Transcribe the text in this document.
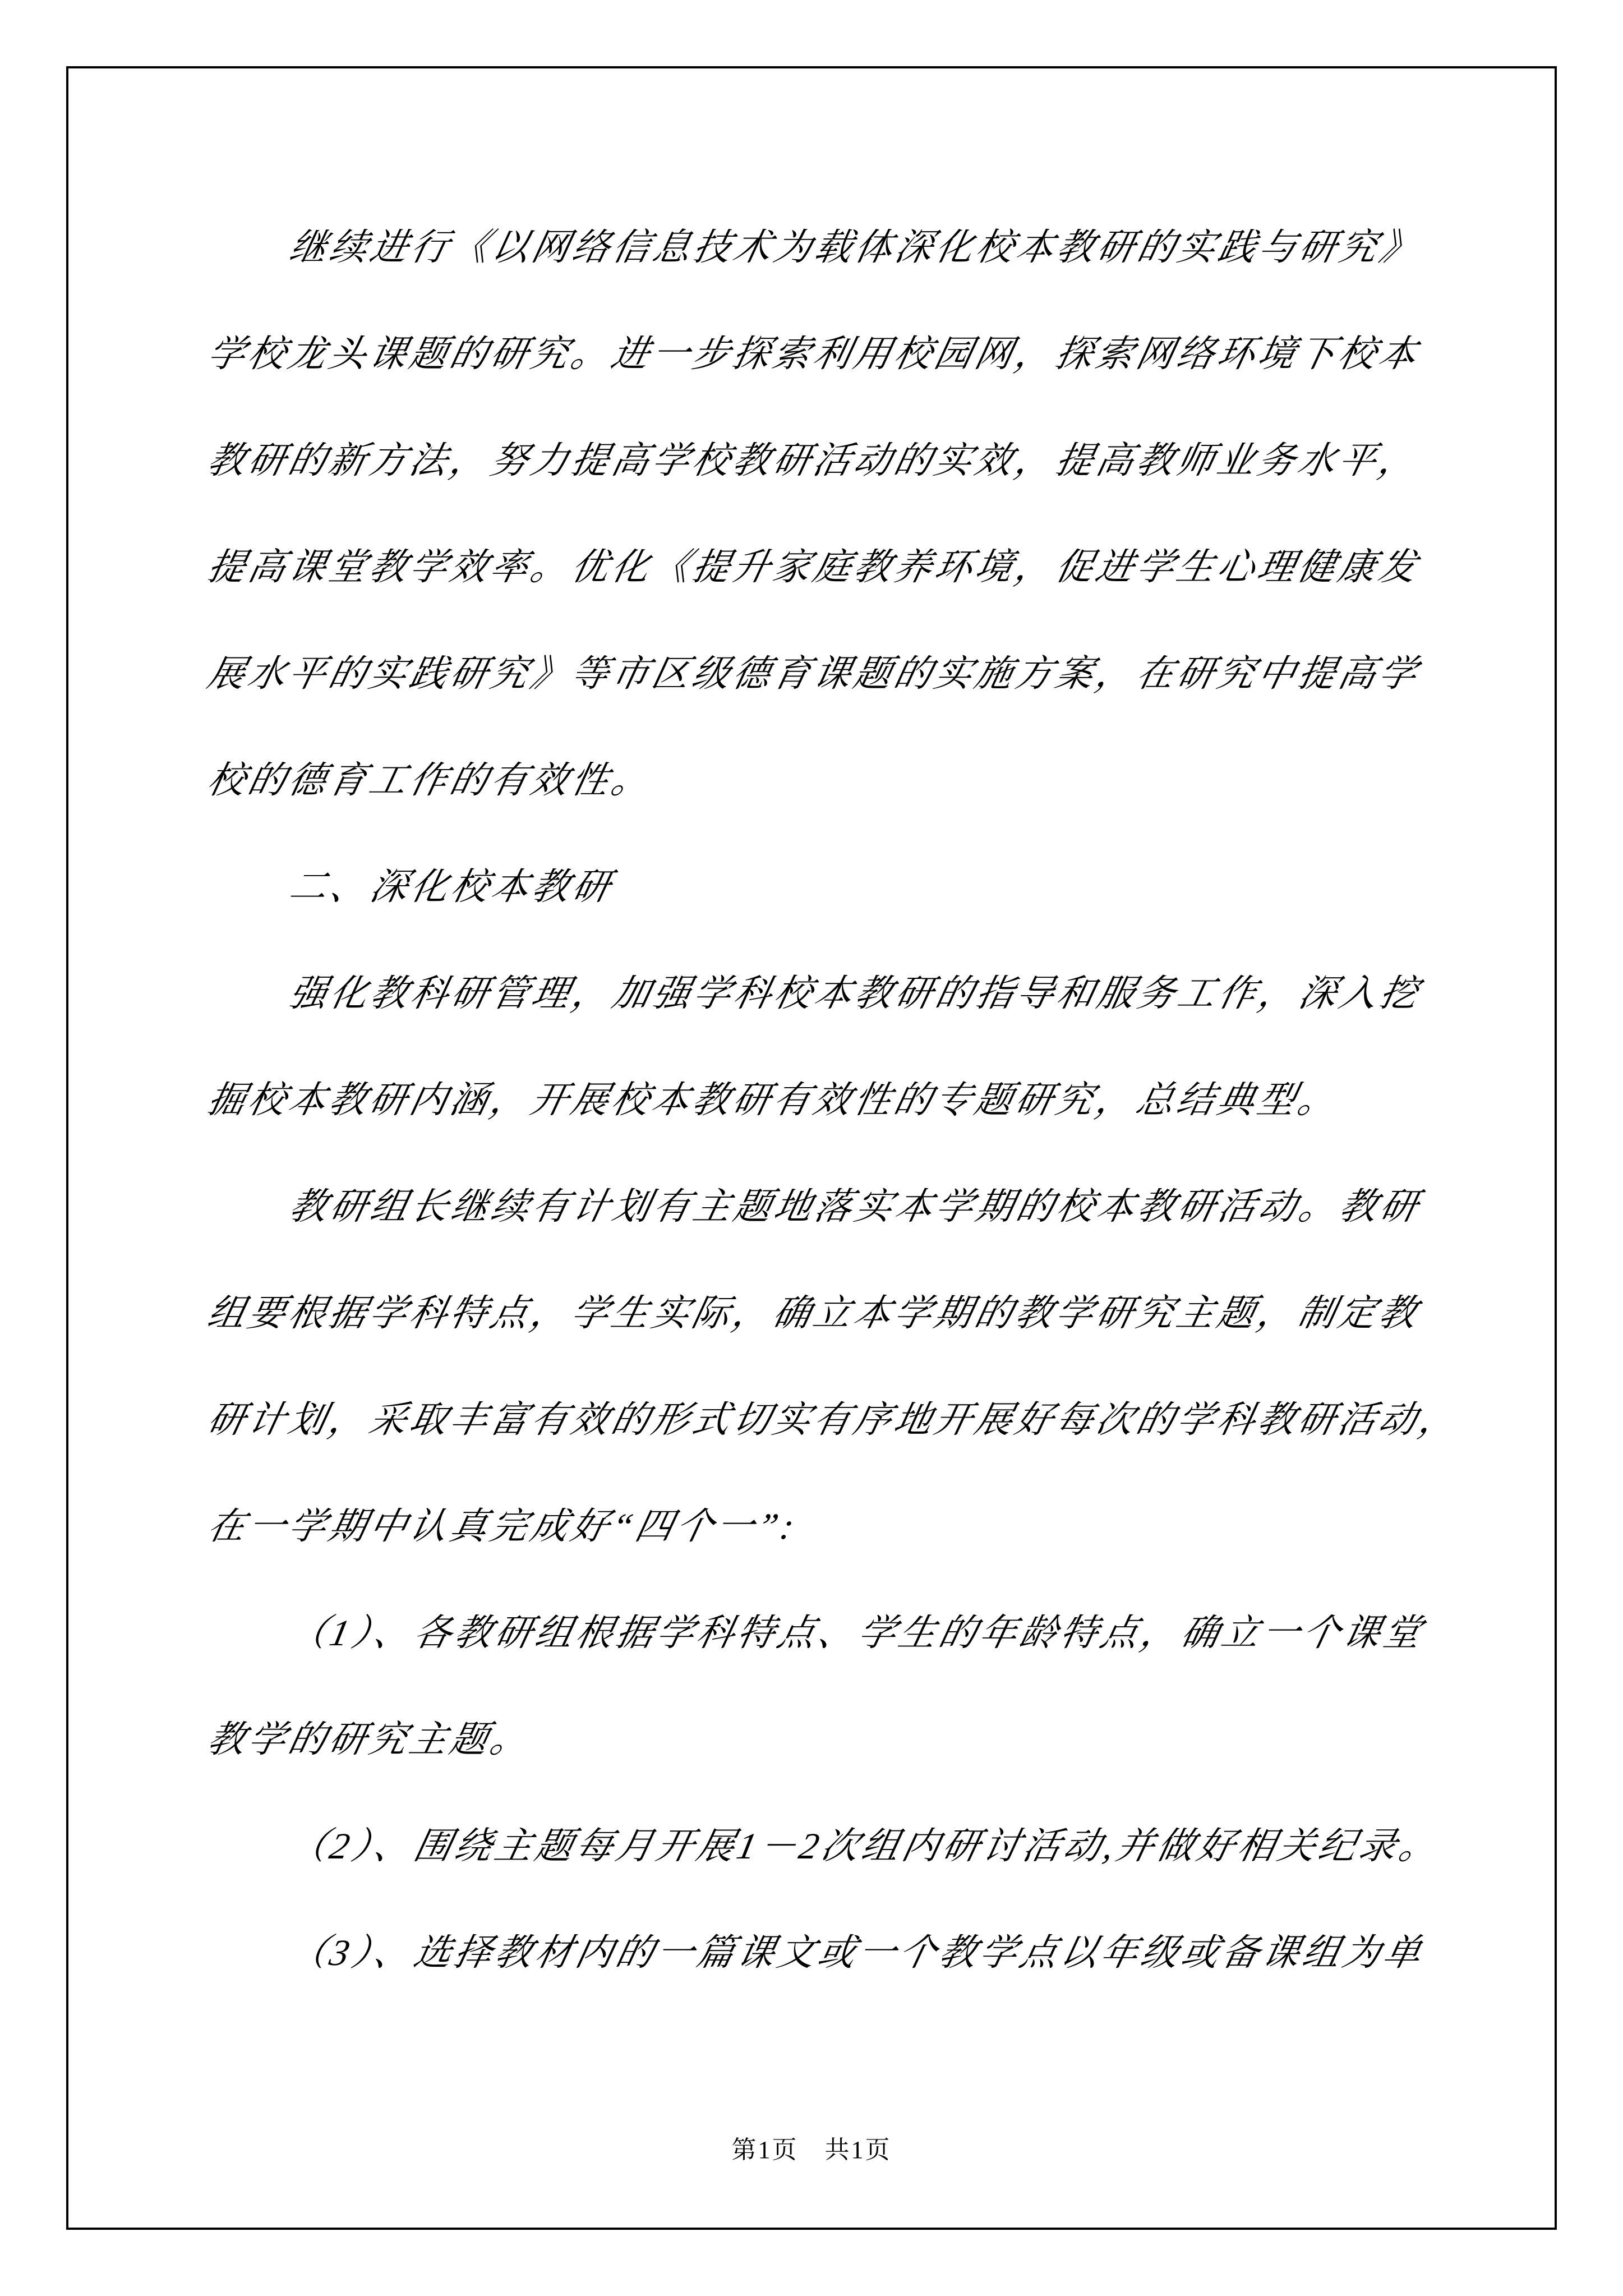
继续进行《以网络信息技术为载体深化校本教研的实践与研究》
学校龙头课题的研究。进一步探索利用校园网，探索网络环境下校本
教研的新方法，努力提高学校教研活动的实效，提高教师业务水平，
提高课堂教学效率。优化《提升家庭教养环境，促进学生心理健康发
展水平的实践研究》等市区级德育课题的实施方案，在研究中提高学
校的德育工作的有效性。
二、深化校本教研
强化教科研管理，加强学科校本教研的指导和服务工作，深入挖
掘校本教研内涵，开展校本教研有效性的专题研究，总结典型。
教研组长继续有计划有主题地落实本学期的校本教研活动。教研
组要根据学科特点，学生实际，确立本学期的教学研究主题，制定教
研计划，采取丰富有效的形式切实有序地开展好每次的学科教研活动，
在一学期中认真完成好“四个一”:
（1）、各教研组根据学科特点、学生的年龄特点，确立一个课堂
教学的研究主题。
（2）、围绕主题每月开展1－2次组内研讨活动,并做好相关纪录。
（3）、选择教材内的一篇课文或一个教学点以年级或备课组为单
第1页　共1页
